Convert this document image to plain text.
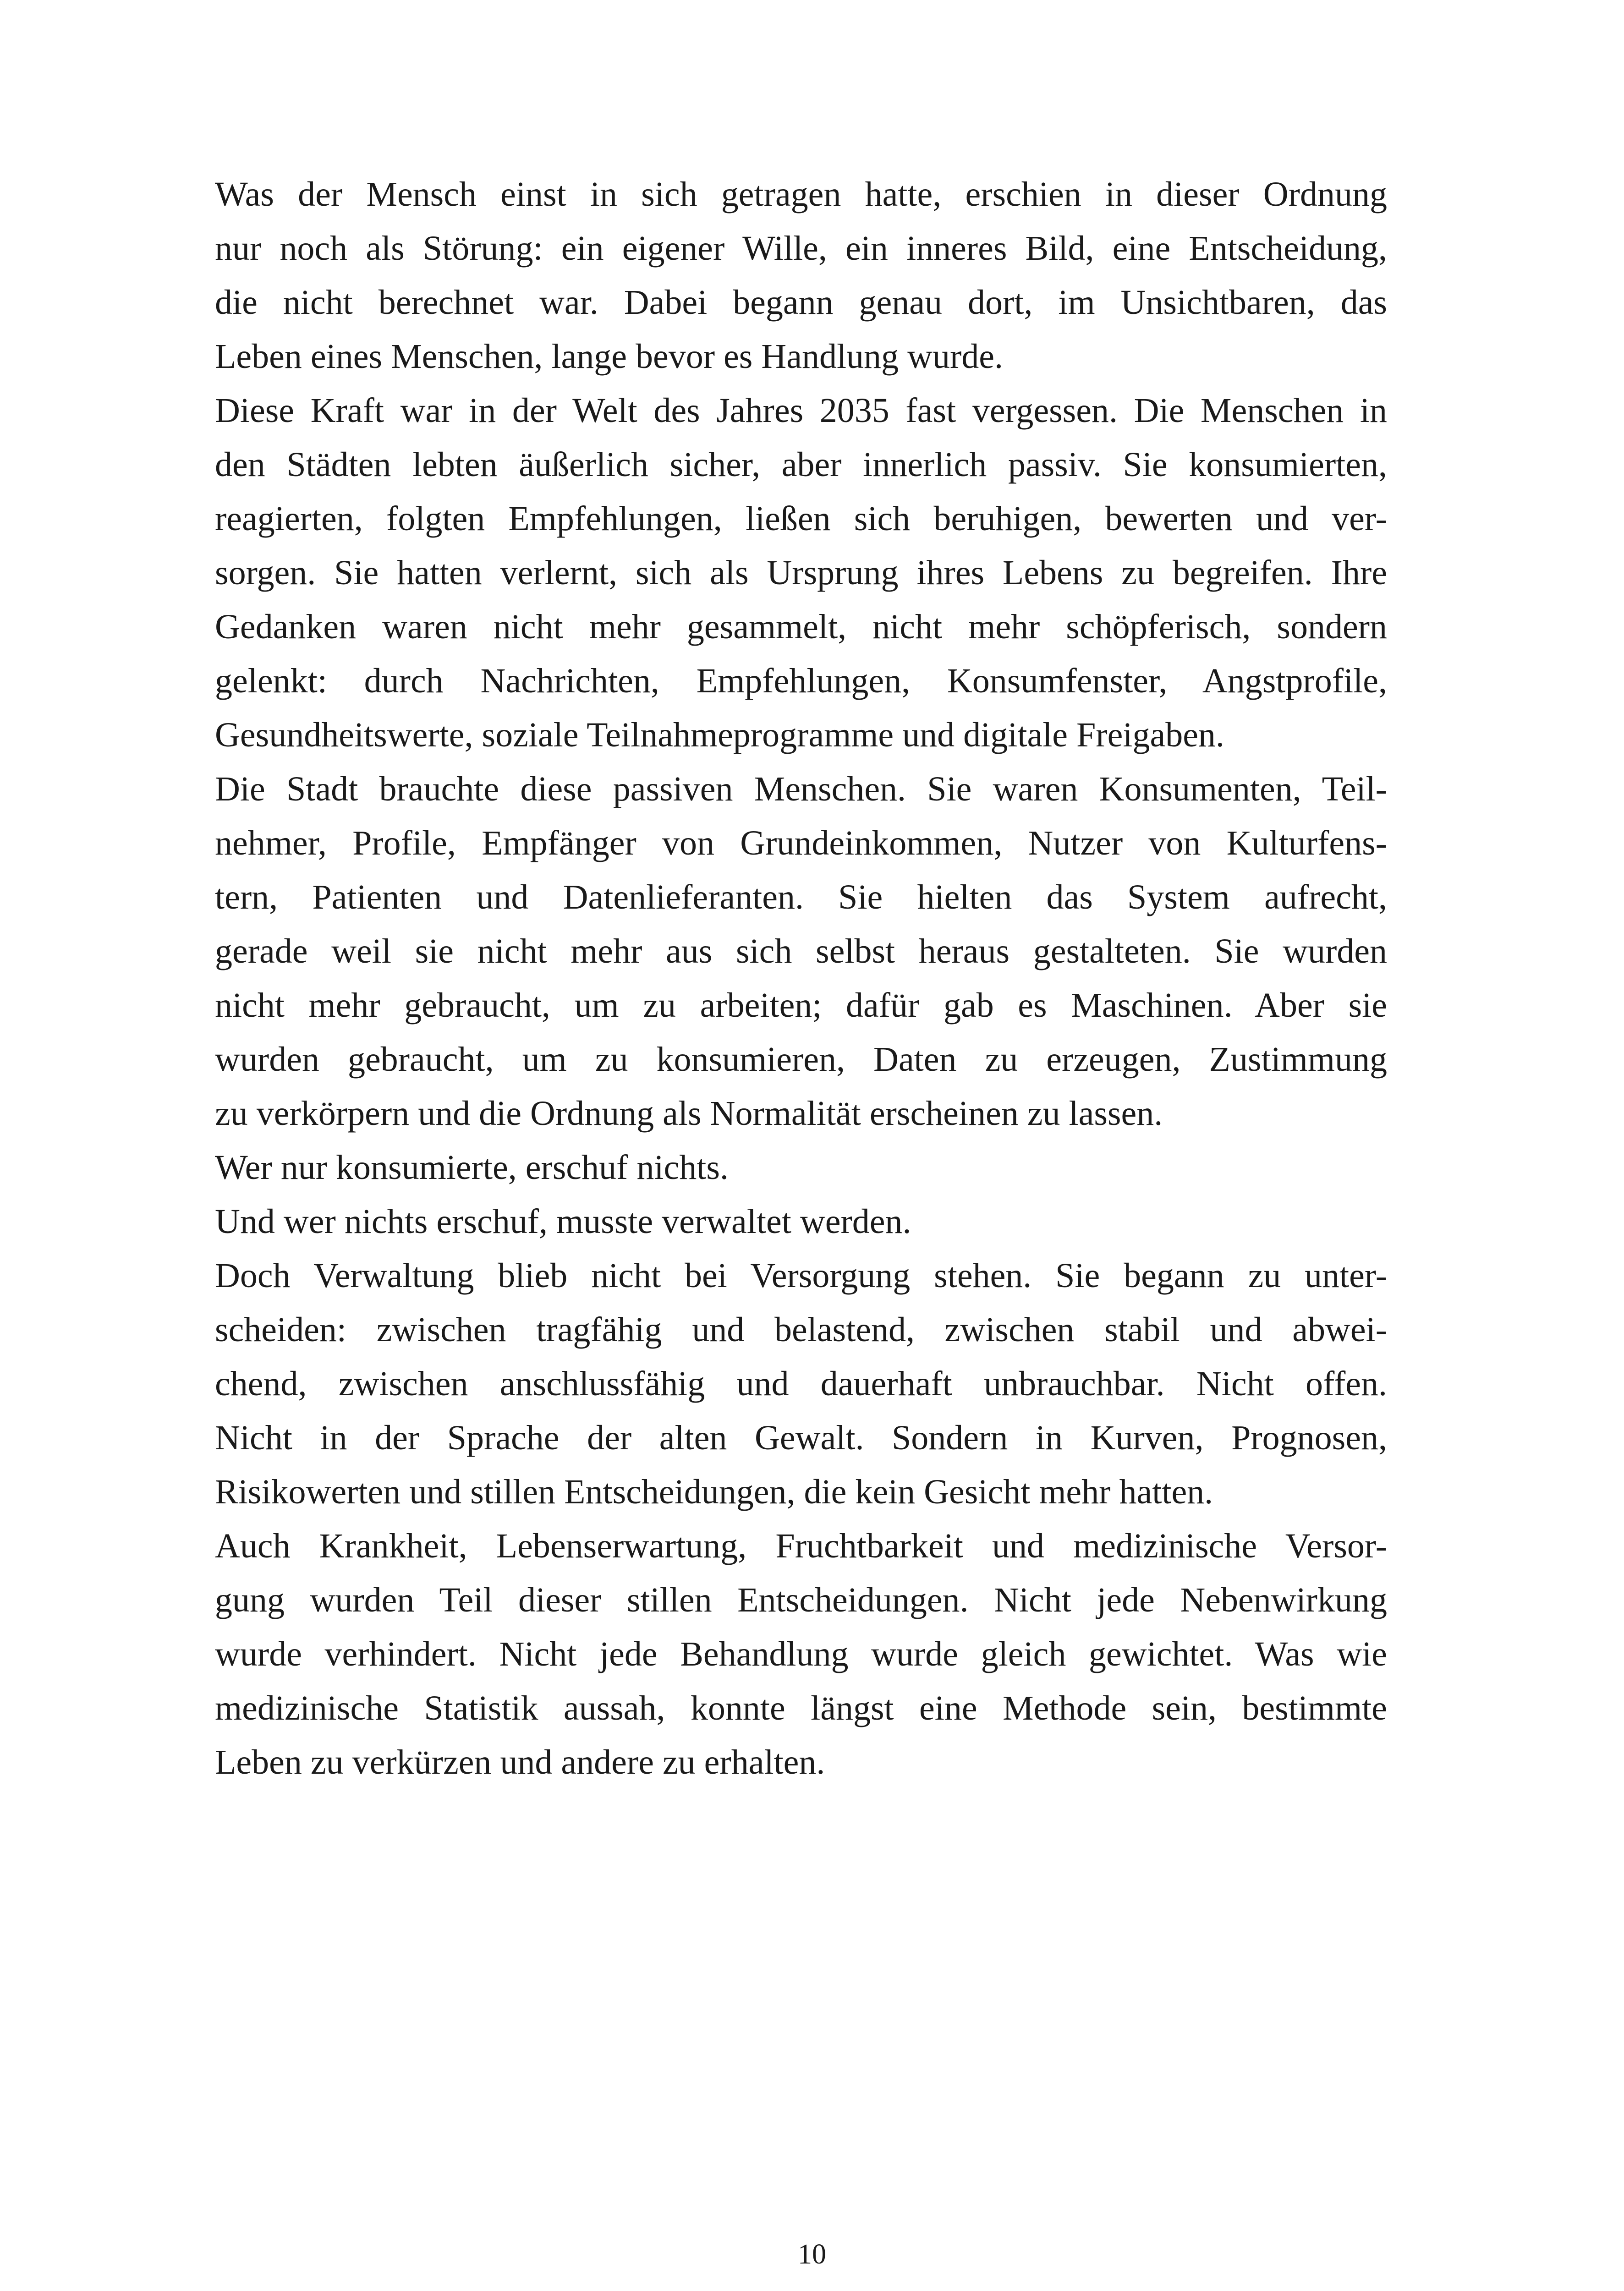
Was der Mensch einst in sich getragen hatte, erschien in dieser Ordnung
nur noch als Störung: ein eigener Wille, ein inneres Bild, eine Entscheidung,
die nicht berechnet war. Dabei begann genau dort, im Unsichtbaren, das
Leben eines Menschen, lange bevor es Handlung wurde.
Diese Kraft war in der Welt des Jahres 2035 fast vergessen. Die Menschen in
den Städten lebten äußerlich sicher, aber innerlich passiv. Sie konsumierten,
reagierten, folgten Empfehlungen, ließen sich beruhigen, bewerten und ver-
sorgen. Sie hatten verlernt, sich als Ursprung ihres Lebens zu begreifen. Ihre
Gedanken waren nicht mehr gesammelt, nicht mehr schöpferisch, sondern
gelenkt: durch Nachrichten, Empfehlungen, Konsumfenster, Angstprofile,
Gesundheitswerte, soziale Teilnahmeprogramme und digitale Freigaben.
Die Stadt brauchte diese passiven Menschen. Sie waren Konsumenten, Teil-
nehmer, Profile, Empfänger von Grundeinkommen, Nutzer von Kulturfens-
tern, Patienten und Datenlieferanten. Sie hielten das System aufrecht,
gerade weil sie nicht mehr aus sich selbst heraus gestalteten. Sie wurden
nicht mehr gebraucht, um zu arbeiten; dafür gab es Maschinen. Aber sie
wurden gebraucht, um zu konsumieren, Daten zu erzeugen, Zustimmung
zu verkörpern und die Ordnung als Normalität erscheinen zu lassen.
Wer nur konsumierte, erschuf nichts.
Und wer nichts erschuf, musste verwaltet werden.
Doch Verwaltung blieb nicht bei Versorgung stehen. Sie begann zu unter-
scheiden: zwischen tragfähig und belastend, zwischen stabil und abwei-
chend, zwischen anschlussfähig und dauerhaft unbrauchbar. Nicht offen.
Nicht in der Sprache der alten Gewalt. Sondern in Kurven, Prognosen,
Risikowerten und stillen Entscheidungen, die kein Gesicht mehr hatten.
Auch Krankheit, Lebenserwartung, Fruchtbarkeit und medizinische Versor-
gung wurden Teil dieser stillen Entscheidungen. Nicht jede Nebenwirkung
wurde verhindert. Nicht jede Behandlung wurde gleich gewichtet. Was wie
medizinische Statistik aussah, konnte längst eine Methode sein, bestimmte
Leben zu verkürzen und andere zu erhalten.
10
